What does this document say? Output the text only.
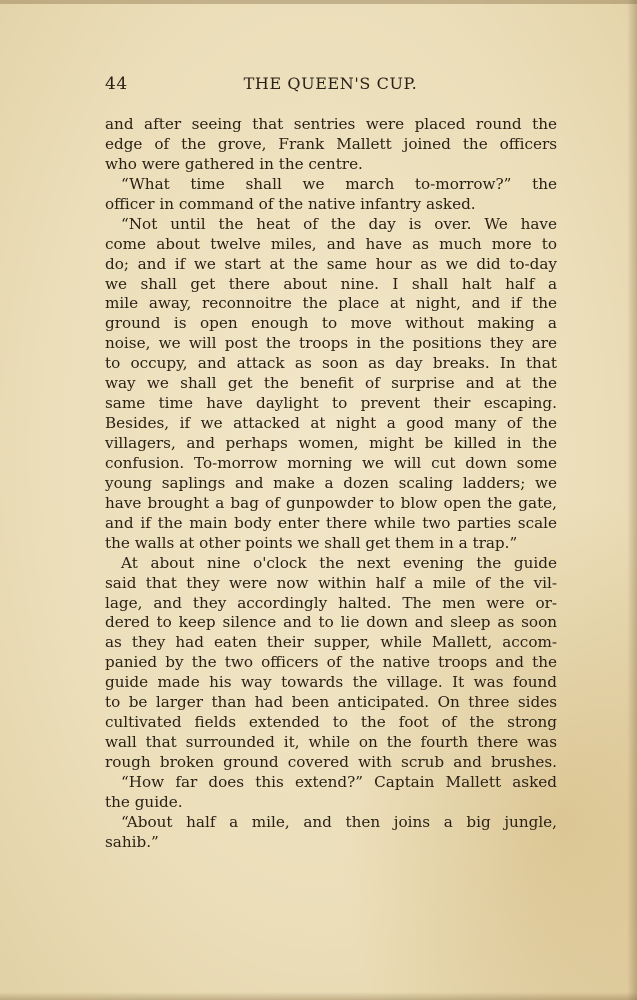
44	THE QUEEN'S CUP.
and after seeing that sentries were placed round the
edge of the grove, Frank Mallett joined the officers
who were gathered in the centre.
“What time shall we march to-morrow?” the
officer in command of the native infantry asked.
“Not until the heat of the day is over. We have
come about twelve miles, and have as much more to
do; and if we start at the same hour as we did to-day
we shall get there about nine. I shall halt half a
mile away, reconnoitre the place at night, and if the
ground is open enough to move without making a
noise, we will post the troops in the positions they are
to occupy, and attack as soon as day breaks. In that
way we shall get the benefit of surprise and at the
same time have daylight to prevent their escaping.
Besides, if we attacked at night a good many of the
villagers, and perhaps women, might be killed in the
confusion. To-morrow morning we will cut down some
young saplings and make a dozen scaling ladders; we
have brought a bag of gunpowder to blow open the gate,
and if the main body enter there while two parties scale
the walls at other points we shall get them in a trap.”
At about nine o'clock the next evening the guide
said that they were now within half a mile of the vil-
lage, and they accordingly halted. The men were or-
dered to keep silence and to lie down and sleep as soon
as they had eaten their supper, while Mallett, accom-
panied by the two officers of the native troops and the
guide made his way towards the village. It was found
to be larger than had been anticipated. On three sides
cultivated fields extended to the foot of the strong
wall that surrounded it, while on the fourth there was
rough broken ground covered with scrub and brushes.
“How far does this extend?” Captain Mallett asked
the guide.
“About half a mile, and then joins a big jungle,
sahib.”
